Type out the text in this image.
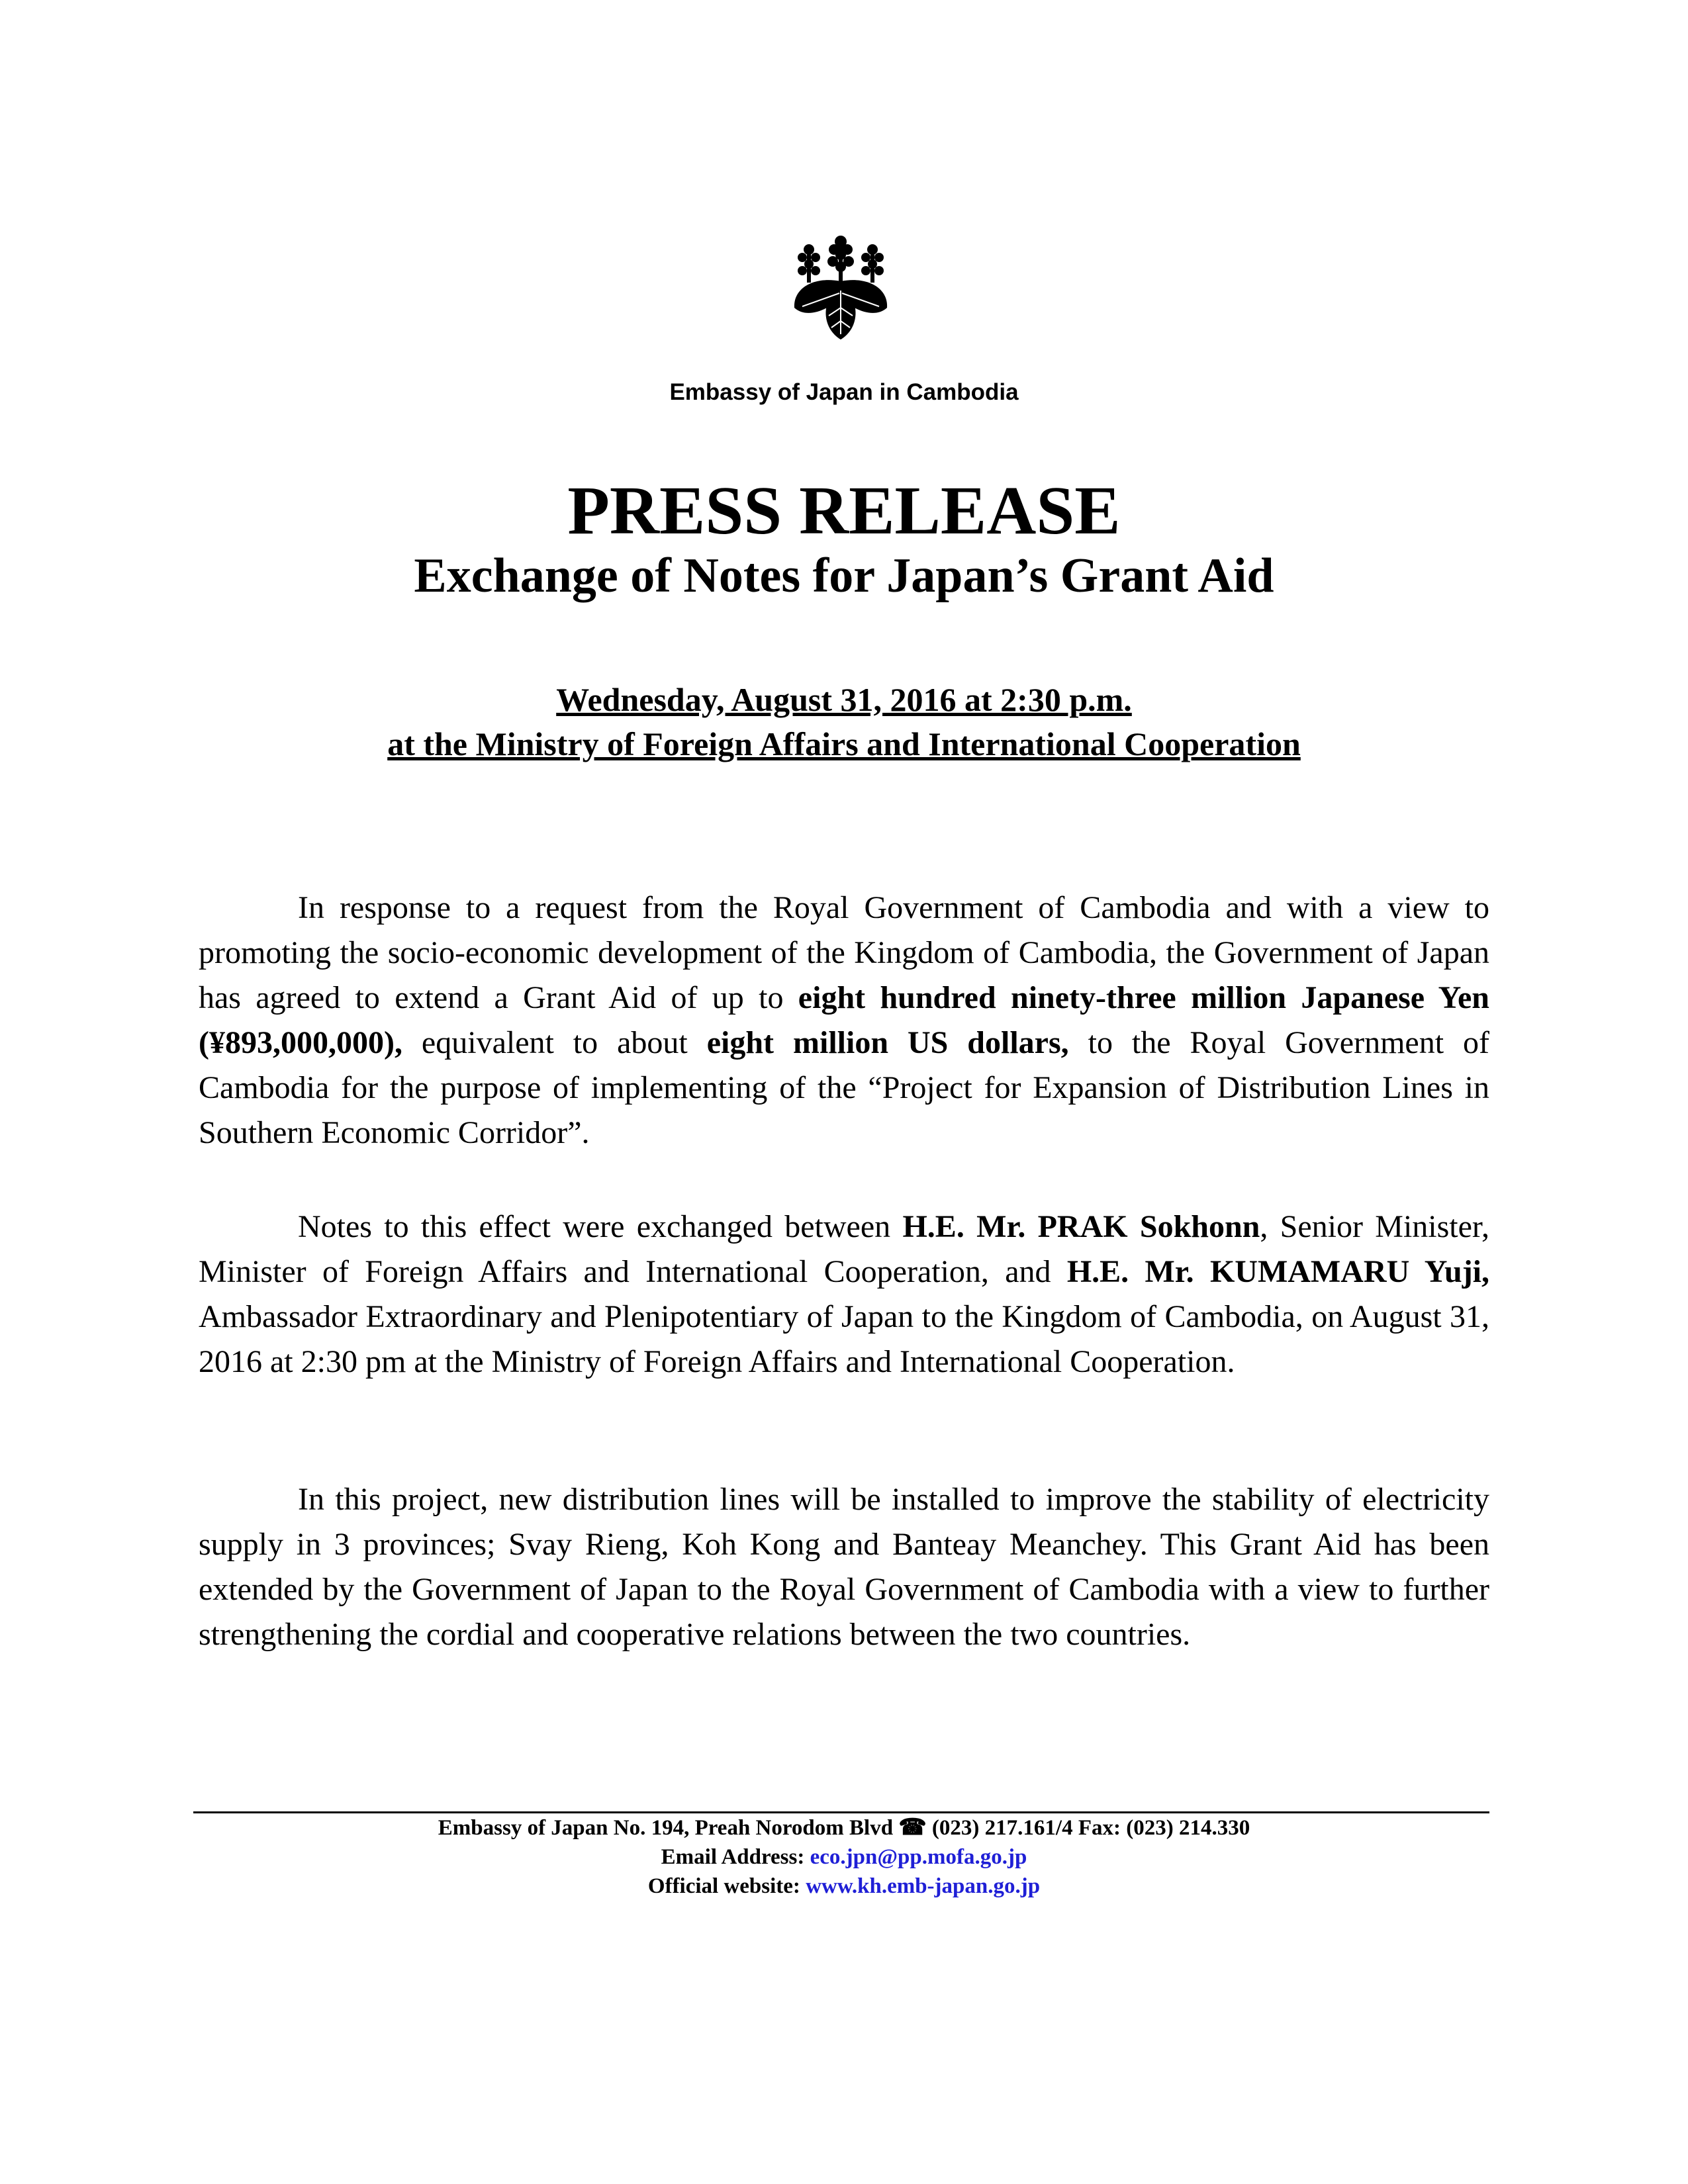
Embassy of Japan in Cambodia
PRESS RELEASE
Exchange of Notes for Japan’s Grant Aid
Wednesday, August 31, 2016 at 2:30 p.m.
at the Ministry of Foreign Affairs and International Cooperation

In response to a request from the Royal Government of Cambodia and with a view to promoting the socio-economic development of the Kingdom of Cambodia, the Government of Japan has agreed to extend a Grant Aid of up to eight hundred ninety-three million Japanese Yen (¥893,000,000), equivalent to about eight million US dollars, to the Royal Government of Cambodia for the purpose of implementing of the “Project for Expansion of Distribution Lines in Southern Economic Corridor”.

Notes to this effect were exchanged between H.E. Mr. PRAK Sokhonn, Senior Minister, Minister of Foreign Affairs and International Cooperation, and H.E. Mr. KUMAMARU Yuji, Ambassador Extraordinary and Plenipotentiary of Japan to the Kingdom of Cambodia, on August 31, 2016 at 2:30 pm at the Ministry of Foreign Affairs and International Cooperation.

In this project, new distribution lines will be installed to improve the stability of electricity supply in 3 provinces; Svay Rieng, Koh Kong and Banteay Meanchey. This Grant Aid has been extended by the Government of Japan to the Royal Government of Cambodia with a view to further strengthening the cordial and cooperative relations between the two countries.

Embassy of Japan No. 194, Preah Norodom Blvd ☎ (023) 217.161/4 Fax: (023) 214.330
Email Address: eco.jpn@pp.mofa.go.jp
Official website: www.kh.emb-japan.go.jp
